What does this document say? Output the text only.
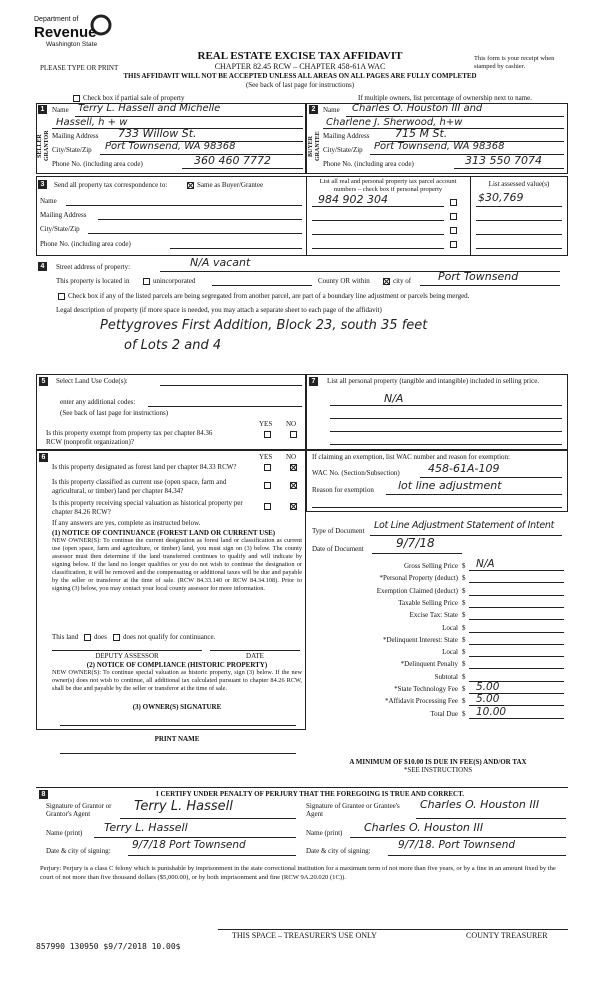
Department of
Revenue
Washington State
REAL ESTATE EXCISE TAX AFFIDAVIT
CHAPTER 82.45 RCW – CHAPTER 458-61A WAC
PLEASE TYPE OR PRINT
This form is your receipt when stamped by cashier.
THIS AFFIDAVIT WILL NOT BE ACCEPTED UNLESS ALL AREAS ON ALL PAGES ARE FULLY COMPLETED
(See back of last page for instructions)
Check box if partial sale of property	If multiple owners, list percentage of ownership next to name.
1	2
SELLER GRANTOR	BUYER GRANTEE
Name Terry L. Hassell and Michelle
Hassell, h + w
Mailing Address 733 Willow St.
City/State/Zip Port Townsend, WA 98368
Phone No. (including area code)	360 460 7772
Name Charles O. Houston III and
Charlene J. Sherwood, h+w
Mailing Address 715 M St.
City/State/Zip Port Townsend, WA 98368
Phone No. (including area code)	313 550 7074
3	Send all property tax correspondence to:	Same as Buyer/Grantee
Name
Mailing Address
City/State/Zip
Phone No. (including area code)
List all real and personal property tax parcel account numbers – check box if personal property
List assessed value(s)
984 902 304	$30,769
4	Street address of property:	N/A vacant
This property is located in	unincorporated	County OR within	city of Port Townsend
Check box if any of the listed parcels are being segregated from another parcel, are part of a boundary line adjustment or parcels being merged.
Legal description of property (if more space is needed, you may attach a separate sheet to each page of the affidavit)
Pettygroves First Addition, Block 23, south 35 feet
of Lots 2 and 4
5	Select Land Use Code(s):
enter any additional codes:
(See back of last page for instructions)
YES NO
Is this property exempt from property tax per chapter 84.36 RCW (nonprofit organization)?
7	List all personal property (tangible and intangible) included in selling price.
N/A
6	YES NO
Is this property designated as forest land per chapter 84.33 RCW?
Is this property classified as current use (open space, farm and agricultural, or timber) land per chapter 84.34?
Is this property receiving special valuation as historical property per chapter 84.26 RCW?
If any answers are yes, complete as instructed below.
(1) NOTICE OF CONTINUANCE (FOREST LAND OR CURRENT USE)
NEW OWNER(S): To continue the current designation as forest land or classification as current use (open space, farm and agriculture, or timber) land, you must sign on (3) below. The county assessor must then determine if the land transferred continues to qualify and will indicate by signing below. If the land no longer qualifies or you do not wish to continue the designation or classification, it will be removed and the compensating or additional taxes will be due and payable by the seller or transferor at the time of sale. (RCW 84.33.140 or RCW 84.34.108). Prior to signing (3) below, you may contact your local county assessor for more information.
This land does does not qualify for continuance.
DEPUTY ASSESSOR	DATE
(2) NOTICE OF COMPLIANCE (HISTORIC PROPERTY)
NEW OWNER(S): To continue special valuation as historic property, sign (3) below. If the new owner(s) does not wish to continue, all additional tax calculated pursuant to chapter 84.26 RCW, shall be due and payable by the seller or transferor at the time of sale.
(3) OWNER(S) SIGNATURE
PRINT NAME
If claiming an exemption, list WAC number and reason for exemption:
WAC No. (Section/Subsection)	458-61A-109
Reason for exemption lot line adjustment
Type of Document Lot Line Adjustment Statement of Intent
Date of Document	9/7/18
Gross Selling Price $ N/A
*Personal Property (deduct) $
Exemption Claimed (deduct) $
Taxable Selling Price $
Excise Tax: State $
Local $
*Delinquent Interest: State $
Local $
*Delinquent Penalty $
Subtotal $
*State Technology Fee $ 5.00
*Affidavit Processing Fee $ 5.00
Total Due $ 10.00
A MINIMUM OF $10.00 IS DUE IN FEE(S) AND/OR TAX
*SEE INSTRUCTIONS
8	I CERTIFY UNDER PENALTY OF PERJURY THAT THE FOREGOING IS TRUE AND CORRECT.
Signature of Grantor or Grantor's Agent	Terry L. Hassell
Name (print) Terry L. Hassell
Date & city of signing: 9/7/18 Port Townsend
Signature of Grantee or Grantee's Agent
Charles O. Houston III
Name (print) Charles O. Houston III
Date & city of signing:	9/7/18. Port Townsend
Perjury: Perjury is a class C felony which is punishable by imprisonment in the state correctional institution for a maximum term of not more than five years, or by a fine in an amount fixed by the court of not more than five thousand dollars ($5,000.00), or by both imprisonment and fine (RCW 9A.20.020 (1C)).
857990 130950 $9/7/2018 10.00$
THIS SPACE – TREASURER'S USE ONLY	COUNTY TREASURER
